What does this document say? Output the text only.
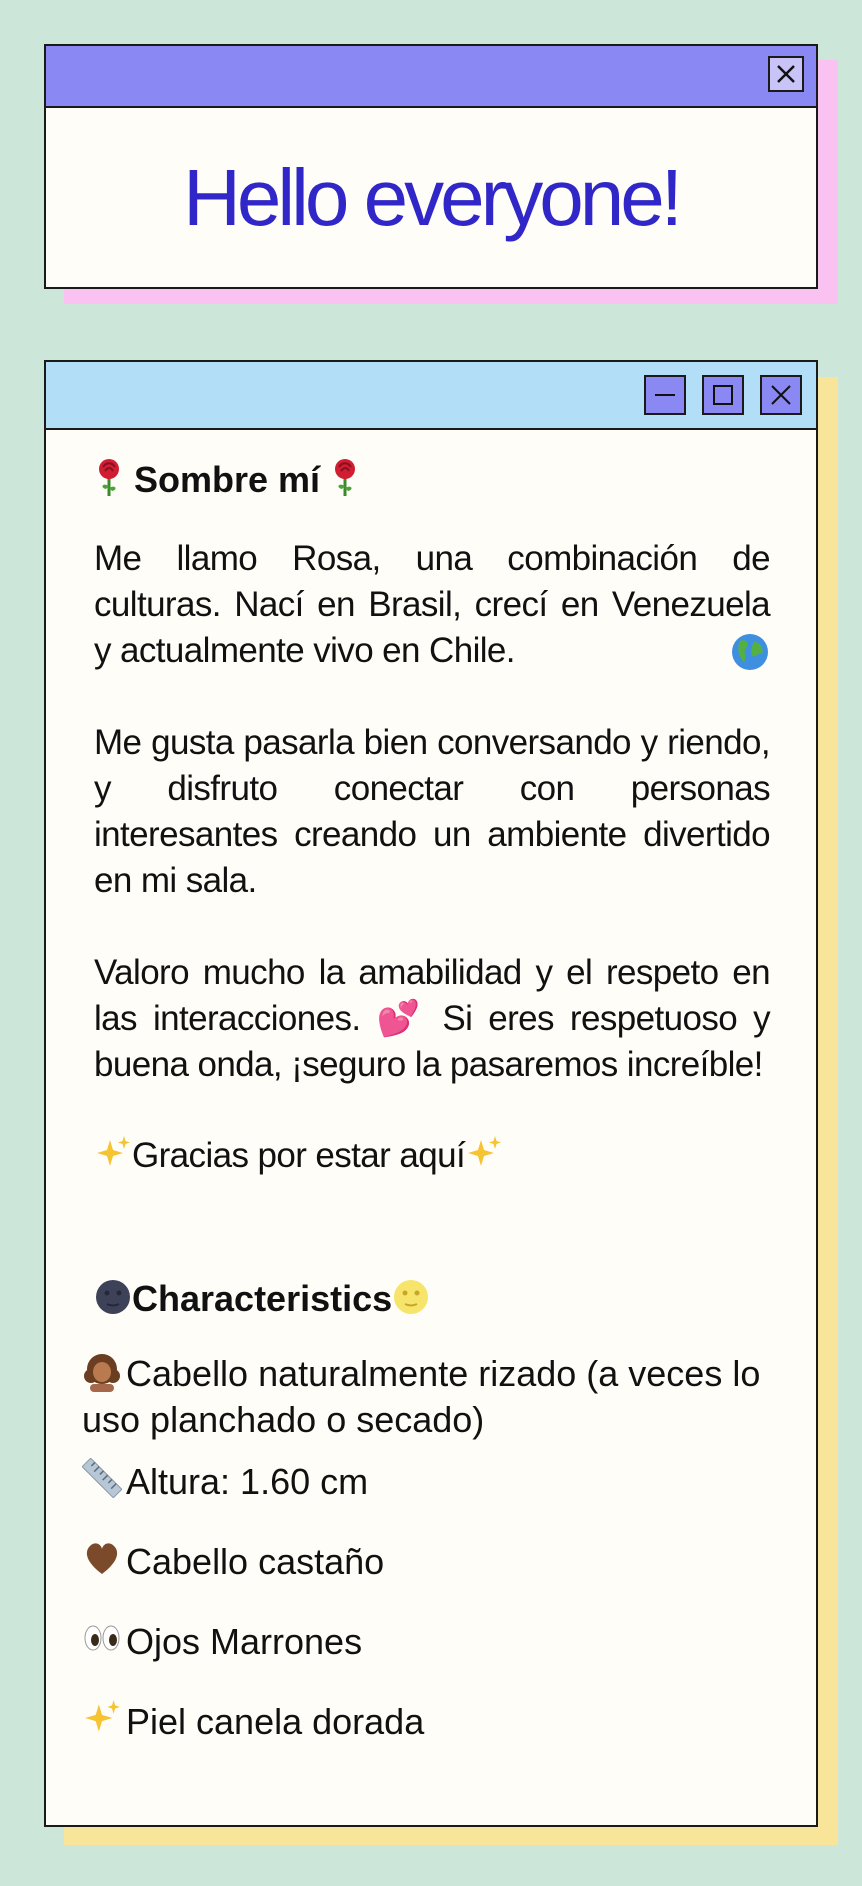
Hello everyone!
Sombre mí
Me llamo Rosa, una combinación de culturas. Nací en Brasil, crecí en Venezuela y actualmente vivo en Chile.
Me gusta pasarla bien conversando y riendo, y disfruto conectar con personas interesantes creando un ambiente divertido en mi sala.
Valoro mucho la amabilidad y el respeto en las interacciones. 💕 Si eres respetuoso y buena onda, ¡seguro la pasaremos increíble!
Gracias por estar aquí
Characteristics
Cabello naturalmente rizado (a veces lo uso planchado o secado)
Altura: 1.60 cm
Cabello castaño
Ojos Marrones
Piel canela dorada
